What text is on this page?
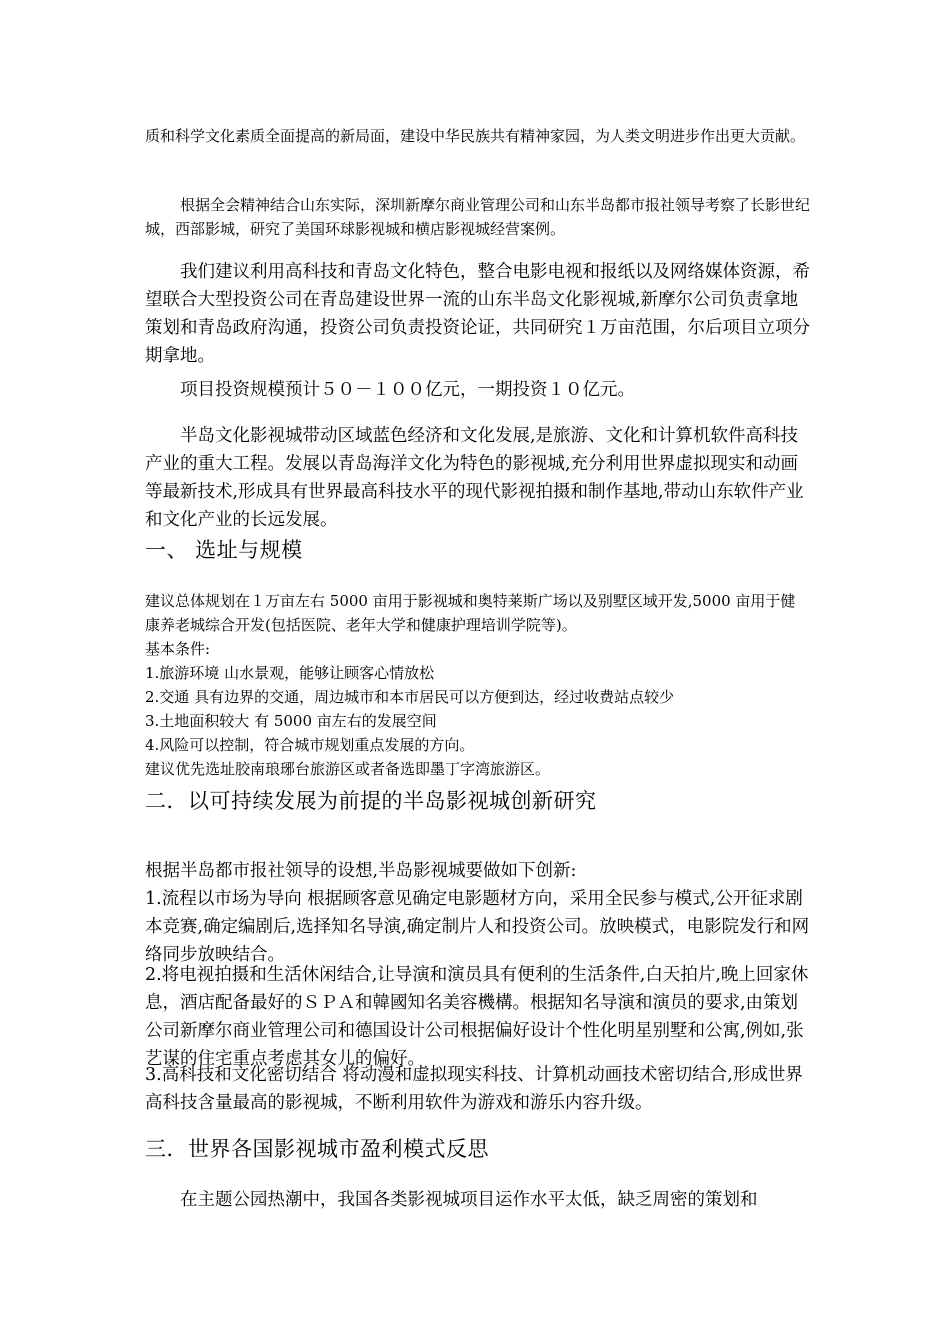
质和科学文化素质全面提高的新局面，建设中华民族共有精神家园，为人类文明进步作出更大贡献。

根据全会精神结合山东实际，深圳新摩尔商业管理公司和山东半岛都市报社领导考察了长影世纪城，西部影城，研究了美国环球影视城和横店影视城经营案例。

我们建议利用高科技和青岛文化特色，整合电影电视和报纸以及网络媒体资源，希望联合大型投资公司在青岛建设世界一流的山东半岛文化影视城,新摩尔公司负责拿地策划和青岛政府沟通，投资公司负责投资论证，共同研究１万亩范围，尔后项目立项分期拿地。

项目投资规模预计５０－１００亿元，一期投资１０亿元。

半岛文化影视城带动区域蓝色经济和文化发展,是旅游、文化和计算机软件高科技产业的重大工程。发展以青岛海洋文化为特色的影视城,充分利用世界虚拟现实和动画等最新技术,形成具有世界最高科技水平的现代影视拍摄和制作基地,带动山东软件产业和文化产业的长远发展。

一、 选址与规模

建议总体规划在１万亩左右 5000 亩用于影视城和奥特莱斯广场以及别墅区域开发,5000 亩用于健康养老城综合开发(包括医院、老年大学和健康护理培训学院等)。

基本条件:
1.旅游环境 山水景观，能够让顾客心情放松
2.交通 具有边界的交通，周边城市和本市居民可以方便到达，经过收费站点较少
3.土地面积较大 有 5000 亩左右的发展空间
4.风险可以控制，符合城市规划重点发展的方向。
建议优先选址胶南琅琊台旅游区或者备选即墨丁字湾旅游区。
二．以可持续发展为前提的半岛影视城创新研究

根据半岛都市报社领导的设想,半岛影视城要做如下创新:

1.流程以市场为导向 根据顾客意见确定电影题材方向，采用全民参与模式,公开征求剧本竞赛,确定编剧后,选择知名导演,确定制片人和投资公司。放映模式，电影院发行和网络同步放映结合。

2.将电视拍摄和生活休闲结合,让导演和演员具有便利的生活条件,白天拍片,晚上回家休息，酒店配备最好的ＳＰＡ和韓國知名美容機構。根据知名导演和演员的要求,由策划公司新摩尔商业管理公司和德国设计公司根据偏好设计个性化明星别墅和公寓,例如,张艺谋的住宅重点考虑其女儿的偏好。

3.高科技和文化密切结合 将动漫和虚拟现实科技、计算机动画技术密切结合,形成世界高科技含量最高的影视城，不断利用软件为游戏和游乐内容升级。

三．世界各国影视城市盈利模式反思

在主题公园热潮中，我国各类影视城项目运作水平太低，缺乏周密的策划和
